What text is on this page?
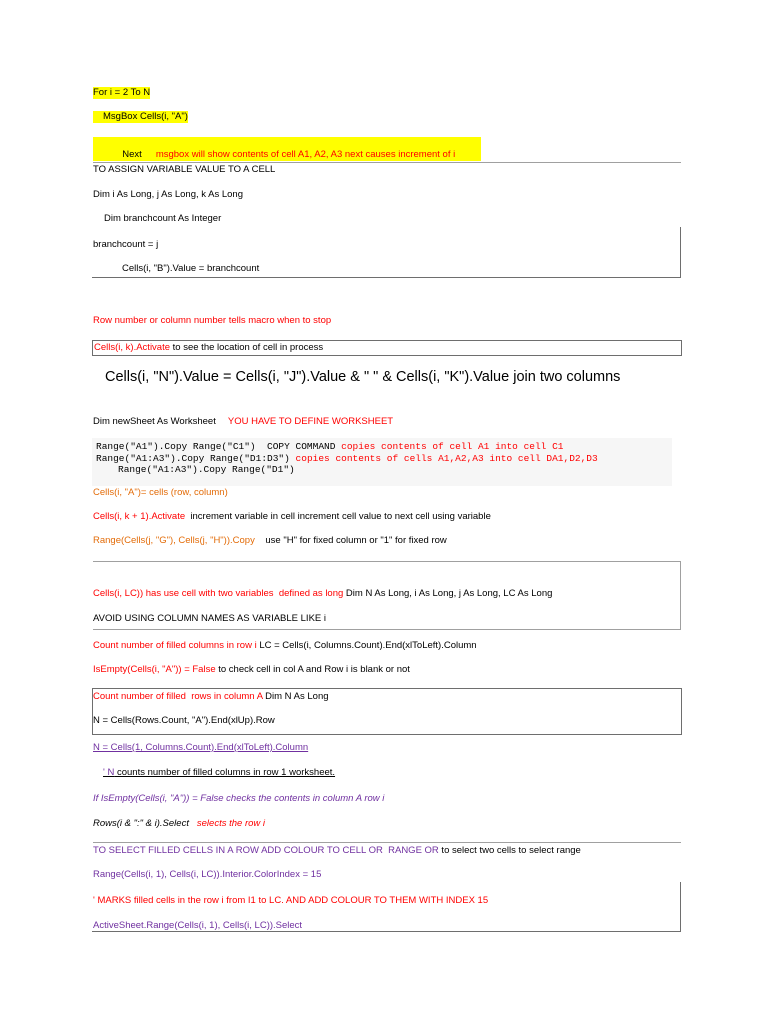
For i = 2 To N
MsgBox Cells(i, "A")

Next msgbox will show contents of cell A1, A2, A3 next causes increment of i

TO ASSIGN VARIABLE VALUE TO A CELL
Dim i As Long, j As Long, k As Long
Dim branchcount As Integer
branchcount = j
Cells(i, "B").Value = branchcount
Row number or column number tells macro when to stop
Cells(i, k).Activate to see the location of cell in process
Cells(i, "N").Value = Cells(i, "J").Value & " " & Cells(i, "K").Value join two columns
Dim newSheet As Worksheet YOU HAVE TO DEFINE WORKSHEET
Range("A1").Copy Range("C1")  COPY COMMAND copies contents of cell A1 into cell C1
Range("A1:A3").Copy Range("D1:D3") copies contents of cells A1,A2,A3 into cell DA1,D2,D3
Range("A1:A3").Copy Range("D1")
Cells(i, "A")= cells (row, column)
Cells(i, k + 1).Activate  increment variable in cell increment cell value to next cell using variable
Range(Cells(j, "G"), Cells(j, "H")).Copy    use "H" for fixed column or "1" for fixed row
Cells(i, LC)) has use cell with two variables  defined as long Dim N As Long, i As Long, j As Long, LC As Long
AVOID USING COLUMN NAMES AS VARIABLE LIKE i
Count number of filled columns in row i LC = Cells(i, Columns.Count).End(xlToLeft).Column
IsEmpty(Cells(i, "A")) = False to check cell in col A and Row i is blank or not
Count number of filled  rows in column A Dim N As Long
N = Cells(Rows.Count, "A").End(xlUp).Row
N = Cells(1, Columns.Count).End(xlToLeft).Column
' N counts number of filled columns in row 1 worksheet.
If IsEmpty(Cells(i, "A")) = False checks the contents in column A row i
Rows(i & ":" & i).Select   selects the row i
TO SELECT FILLED CELLS IN A ROW ADD COLOUR TO CELL OR  RANGE OR to select two cells to select range
Range(Cells(i, 1), Cells(i, LC)).Interior.ColorIndex = 15
' MARKS filled cells in the row i from I1 to LC. AND ADD COLOUR TO THEM WITH INDEX 15
ActiveSheet.Range(Cells(i, 1), Cells(i, LC)).Select
